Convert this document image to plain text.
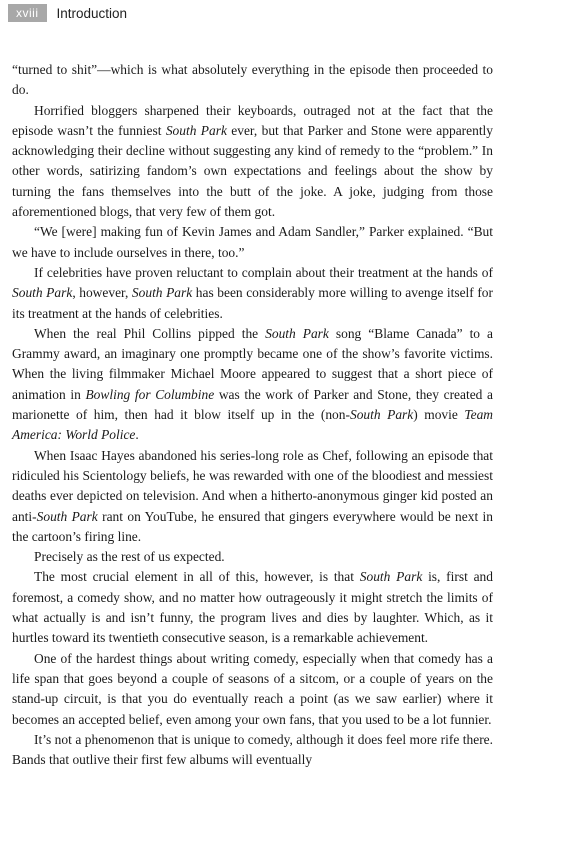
xviii	Introduction

“turned to shit”—which is what absolutely everything in the episode then proceeded to do.

Horrified bloggers sharpened their keyboards, outraged not at the fact that the episode wasn’t the funniest South Park ever, but that Parker and Stone were apparently acknowledging their decline without suggesting any kind of remedy to the “problem.” In other words, satirizing fandom’s own expectations and feelings about the show by turning the fans themselves into the butt of the joke. A joke, judging from those aforementioned blogs, that very few of them got.

“We [were] making fun of Kevin James and Adam Sandler,” Parker explained. “But we have to include ourselves in there, too.”

If celebrities have proven reluctant to complain about their treatment at the hands of South Park, however, South Park has been considerably more willing to avenge itself for its treatment at the hands of celebrities.

When the real Phil Collins pipped the South Park song “Blame Canada” to a Grammy award, an imaginary one promptly became one of the show’s favorite victims. When the living filmmaker Michael Moore appeared to suggest that a short piece of animation in Bowling for Columbine was the work of Parker and Stone, they created a marionette of him, then had it blow itself up in the (non-South Park) movie Team America: World Police.

When Isaac Hayes abandoned his series-long role as Chef, following an episode that ridiculed his Scientology beliefs, he was rewarded with one of the bloodiest and messiest deaths ever depicted on television. And when a hitherto-anonymous ginger kid posted an anti-South Park rant on YouTube, he ensured that gingers everywhere would be next in the cartoon’s firing line.

Precisely as the rest of us expected.

The most crucial element in all of this, however, is that South Park is, first and foremost, a comedy show, and no matter how outrageously it might stretch the limits of what actually is and isn’t funny, the program lives and dies by laughter. Which, as it hurtles toward its twentieth consecutive season, is a remarkable achievement.

One of the hardest things about writing comedy, especially when that comedy has a life span that goes beyond a couple of seasons of a sitcom, or a couple of years on the stand-up circuit, is that you do eventually reach a point (as we saw earlier) where it becomes an accepted belief, even among your own fans, that you used to be a lot funnier.

It’s not a phenomenon that is unique to comedy, although it does feel more rife there. Bands that outlive their first few albums will eventually
